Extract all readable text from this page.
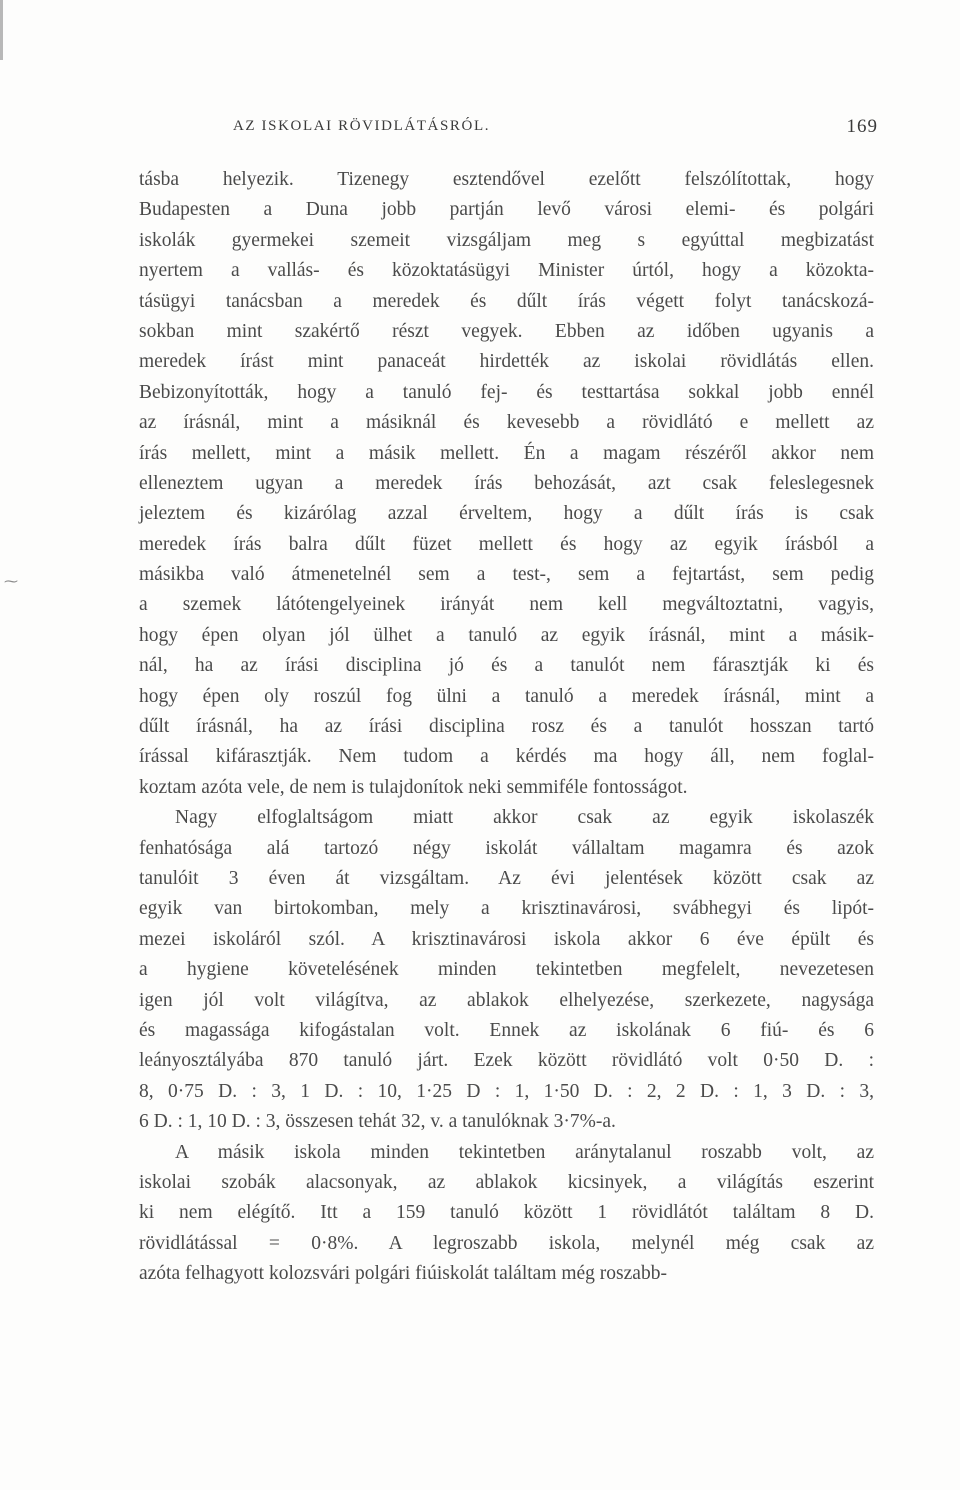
⁓
AZ ISKOLAI RÖVIDLÁTÁSRÓL.	169
tásba helyezik. Tizenegy esztendővel ezelőtt felszólítottak, hogy
Budapesten a Duna jobb partján levő városi elemi- és polgári
iskolák gyermekei szemeit vizsgáljam meg s egyúttal megbizatást
nyertem a vallás- és közoktatásügyi Minister úrtól, hogy a közokta-
tásügyi tanácsban a meredek és dűlt írás végett folyt tanácskozá-
sokban mint szakértő részt vegyek. Ebben az időben ugyanis a
meredek írást mint panaceát hirdették az iskolai rövidlátás ellen.
Bebizonyították, hogy a tanuló fej- és testtartása sokkal jobb ennél
az írásnál, mint a másiknál és kevesebb a rövidlátó e mellett az
írás mellett, mint a másik mellett. Én a magam részéről akkor nem
elleneztem ugyan a meredek írás behozását, azt csak feleslegesnek
jeleztem és kizárólag azzal érveltem, hogy a dűlt írás is csak
meredek írás balra dűlt füzet mellett és hogy az egyik írásból a
másikba való átmenetelnél sem a test-, sem a fejtartást, sem pedig
a szemek látótengelyeinek irányát nem kell megváltoztatni, vagyis,
hogy épen olyan jól ülhet a tanuló az egyik írásnál, mint a másik-
nál, ha az írási disciplina jó és a tanulót nem fárasztják ki és
hogy épen oly roszúl fog ülni a tanuló a meredek írásnál, mint a
dűlt írásnál, ha az írási disciplina rosz és a tanulót hosszan tartó
írással kifárasztják. Nem tudom a kérdés ma hogy áll, nem foglal-
koztam azóta vele, de nem is tulajdonítok neki semmiféle fontosságot.
Nagy elfoglaltságom miatt akkor csak az egyik iskolaszék
fenhatósága alá tartozó négy iskolát vállaltam magamra és azok
tanulóit 3 éven át vizsgáltam. Az évi jelentések között csak az
egyik van birtokomban, mely a krisztinavárosi, svábhegyi és lipót-
mezei iskoláról szól. A krisztinavárosi iskola akkor 6 éve épült és
a hygiene követelésének minden tekintetben megfelelt, nevezetesen
igen jól volt világítva, az ablakok elhelyezése, szerkezete, nagysága
és magassága kifogástalan volt. Ennek az iskolának 6 fiú- és 6
leányosztályába 870 tanuló járt. Ezek között rövidlátó volt 0·50 D. :
8, 0·75 D. : 3, 1 D. : 10, 1·25 D : 1, 1·50 D. : 2, 2 D. : 1, 3 D. : 3,
6 D. : 1, 10 D. : 3, összesen tehát 32, v. a tanulóknak 3·7%-a.
A másik iskola minden tekintetben aránytalanul roszabb volt, az
iskolai szobák alacsonyak, az ablakok kicsinyek, a világítás eszerint
ki nem elégítő. Itt a 159 tanuló között 1 rövidlátót találtam 8 D.
rövidlátással = 0·8%. A legroszabb iskola, melynél még csak az
azóta felhagyott kolozsvári polgári fiúiskolát találtam még roszabb-
